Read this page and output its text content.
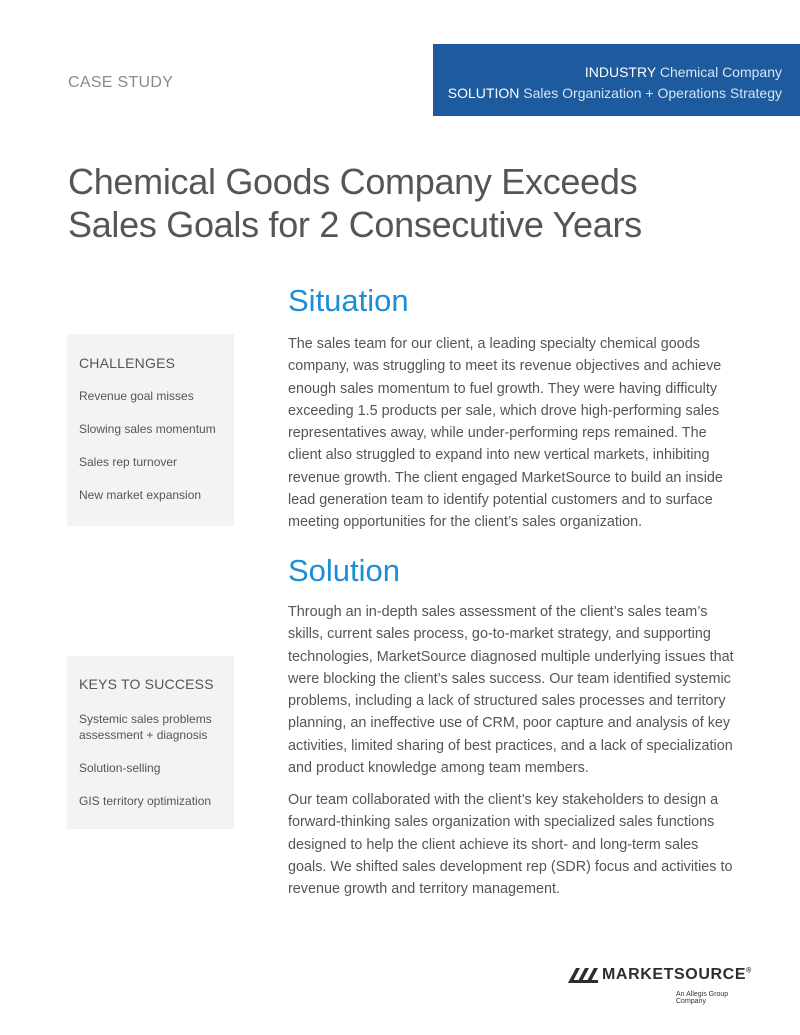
CASE STUDY
INDUSTRY Chemical Company
SOLUTION Sales Organization + Operations Strategy
Chemical Goods Company Exceeds
Sales Goals for 2 Consecutive Years
Situation

The sales team for our client, a leading specialty chemical goods company, was struggling to meet its revenue objectives and achieve enough sales momentum to fuel growth. They were having difficulty exceeding 1.5 products per sale, which drove high-performing sales representatives away, while under-performing reps remained. The client also struggled to expand into new vertical markets, inhibiting revenue growth. The client engaged MarketSource to build an inside lead generation team to identify potential customers and to surface meeting opportunities for the client’s sales organization.

CHALLENGES
Revenue goal misses
Slowing sales momentum
Sales rep turnover
New market expansion
Solution

Through an in-depth sales assessment of the client’s sales team’s skills, current sales process, go-to-market strategy, and supporting technologies, MarketSource diagnosed multiple underlying issues that were blocking the client’s sales success. Our team identified systemic problems, including a lack of structured sales processes and territory planning, an ineffective use of CRM, poor capture and analysis of key activities, limited sharing of best practices, and a lack of specialization and product knowledge among team members.

Our team collaborated with the client’s key stakeholders to design a forward-thinking sales organization with specialized sales functions designed to help the client achieve its short- and long-term sales goals. We shifted sales development rep (SDR) focus and activities to revenue growth and territory management.

KEYS TO SUCCESS
Systemic sales problems assessment + diagnosis
Solution-selling
GIS territory optimization
MARKETSOURCE®
An Allegis Group Company
